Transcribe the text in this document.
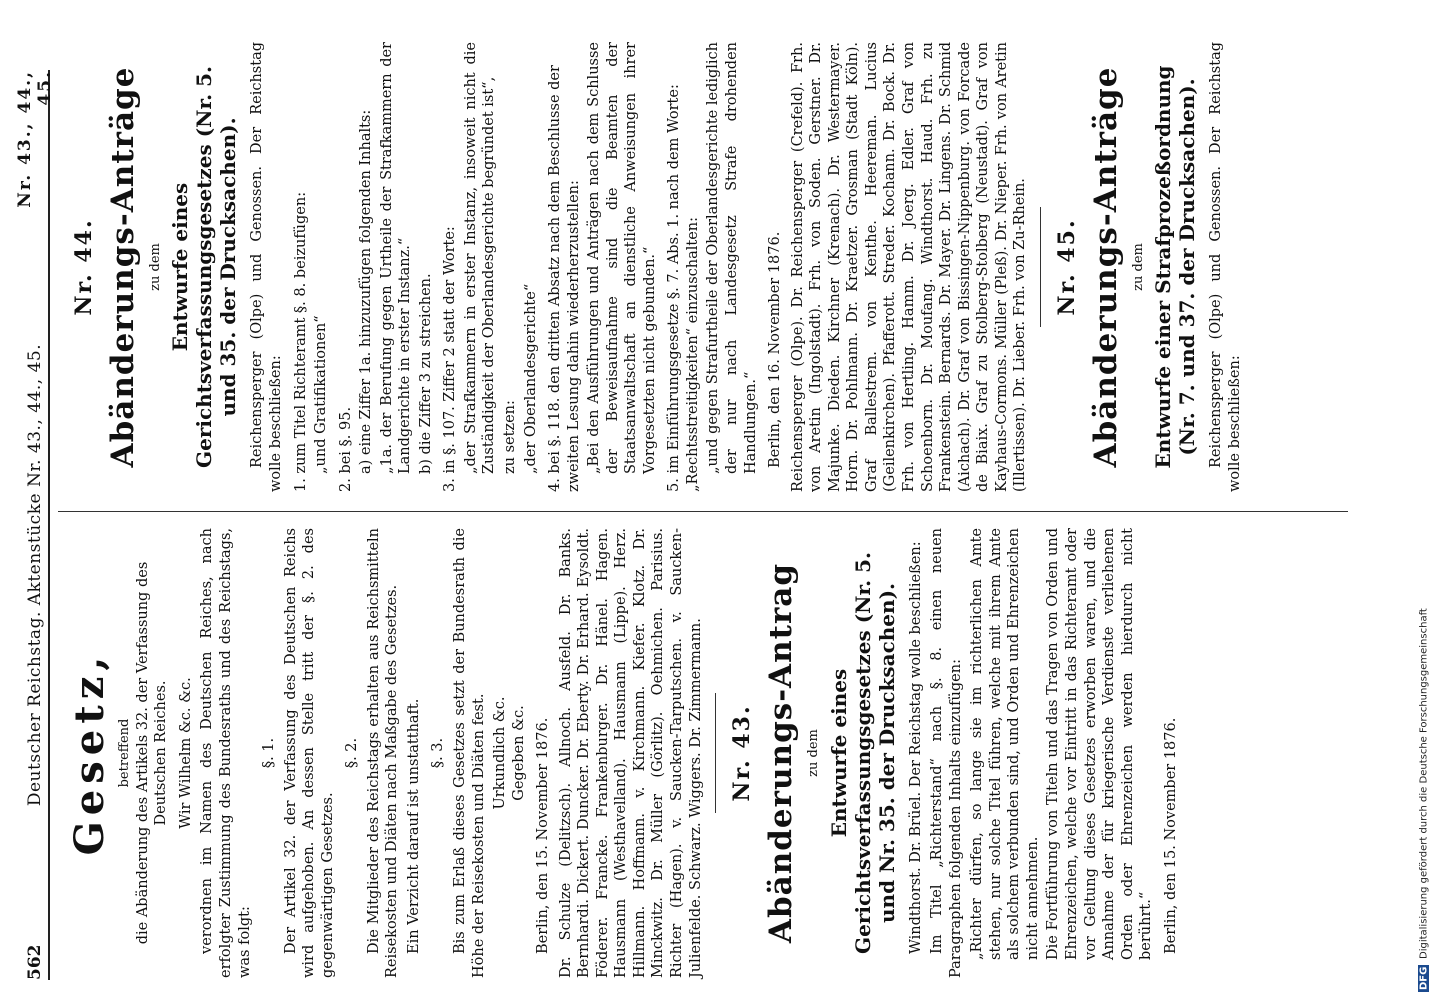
562
Deutscher Reichstag. Aktenstücke Nr. 43., 44., 45.
Nr. 43., 44., 45.
Gesetz, betreffend die Abänderung des Artikels 32. der Verfassung des Deutschen Reiches. Wir Wilhelm &c. &c. verordnen im Namen des Deutschen Reiches, nach erfolgter Zustimmung des Bundesraths und des Reichstags, was folgt:
§. 1. Der Artikel 32. der Verfassung des Deutschen Reichs wird aufgehoben. An dessen Stelle tritt der §. 2. des gegenwärtigen Gesetzes.
§. 2. Die Mitglieder des Reichstags erhalten aus Reichsmitteln Reisekosten und Diäten nach Maßgabe des Gesetzes. Ein Verzicht darauf ist unstatthaft. §. 3. Bis zum Erlaß dieses Gesetzes setzt der Bundesrath die Höhe der Reisekosten und Diäten fest. Urkundlich &c. Gegeben &c. Berlin, den 15. November 1876. Dr. Schulze (Delitzsch). Allnoch. Ausfeld. Dr. Banks. Bernhardi. Dickert. Duncker. Dr. Eberty. Dr. Erhard. Eysoldt. Föderer. Francke. Frankenburger. Dr. Hänel. Hagen. Hausmann (Westhavelland). Hausmann (Lippe). Herz. Hillmann. Hoffmann. v. Kirchmann. Kiefer. Klotz. Dr. Minckwitz. Dr. Müller (Görlitz). Oehmichen. Parisius. Richter (Hagen). v. Saucken-Tarputschen. v. Saucken-Julienfelde. Schwarz. Wiggers. Dr. Zimmermann. Nr. 43. Abänderungs-Antrag zu dem Entwurfe eines Gerichtsverfassungsgesetzes (Nr. 5. und Nr. 35. der Drucksachen). Windthorst. Dr. Brüel. Der Reichstag wolle beschließen: Im Titel „Richterstand“ nach §. 8. einen neuen Paragraphen folgenden Inhalts einzufügen: „Richter dürfen, so lange sie im richterlichen Amte stehen, nur solche Titel führen, welche mit ihrem Amte als solchem verbunden sind, und Orden und Ehrenzeichen nicht annehmen. Die Fortführung von Titeln und das Tragen von Orden und Ehrenzeichen, welche vor Eintritt in das Richteramt oder vor Geltung dieses Gesetzes erworben waren, und die Annahme der für kriegerische Verdienste verliehenen Orden oder Ehrenzeichen werden hierdurch nicht berührt.“ Berlin, den 15. November 1876.
Nr. 44. Abänderungs-Anträge zu dem Entwurfe eines Gerichtsverfassungsgesetzes (Nr. 5. und 35. der Drucksachen). Reichensperger (Olpe) und Genossen. Der Reichstag wolle beschließen: 1. zum Titel Richteramt §. 8. beizufügen: „und Gratifikationen“ 2. bei §. 95. a) eine Ziffer 1a. hinzuzufügen folgenden Inhalts: „1a. der Berufung gegen Urtheile der Strafkammern der Landgerichte in erster Instanz.“ b) die Ziffer 3 zu streichen. 3. in §. 107. Ziffer 2 statt der Worte: „der Strafkammern in erster Instanz, insoweit nicht die Zuständigkeit der Oberlandesgerichte begründet ist“, zu setzen: „der Oberlandesgerichte“ 4. bei §. 118. den dritten Absatz nach dem Beschlusse der zweiten Lesung dahin wiederherzustellen: „Bei den Ausführungen und Anträgen nach dem Schlusse der Beweisaufnahme sind die Beamten der Staatsanwaltschaft an dienstliche Anweisungen ihrer Vorgesetzten nicht gebunden.“ 5. im Einführungsgesetze §. 7. Abs. 1. nach dem Worte: „Rechtsstreitigkeiten“ einzuschalten: „und gegen Strafurtheile der Oberlandesgerichte lediglich der nur nach Landesgesetz Strafe drohenden Handlungen.“ Berlin, den 16. November 1876. Reichensperger (Olpe). Dr. Reichensperger (Crefeld). Frh. von Aretin (Ingolstadt). Frh. von Soden. Gerstner. Dr. Majunke. Dieden. Kirchner (Krenach). Dr. Westermayer. Horn. Dr. Pohlmann. Dr. Kraetzer. Grosman (Stadt Köln). Graf Ballestrem. von Kenthe. Heereman. Lucius (Geilenkirchen). Pfafferott. Streder. Kochann. Dr. Bock. Dr. Frh. von Hertling. Hamm. Dr. Joerg. Edler. Graf von Schoenborn. Dr. Moufang. Windthorst. Haud. Frh. zu Frankenstein. Bernards. Dr. Mayer. Dr. Lingens. Dr. Schmid (Aichach). Dr. Graf von Bissingen-Nippenburg. von Forcade de Biaix. Graf zu Stolberg-Stolberg (Neustadt). Graf von Kayhaus-Cormons. Müller (Pleß). Dr. Nieper. Frh. von Aretin (Illertissen). Dr. Lieber. Frh. von Zu-Rhein. Nr. 45. Abänderungs-Anträge zu dem Entwurfe einer Strafprozeßordnung (Nr. 7. und 37. der Drucksachen). Reichensperger (Olpe) und Genossen. Der Reichstag wolle beschließen:
DFG
Digitalisierung gefördert durch die Deutsche Forschungsgemeinschaft
